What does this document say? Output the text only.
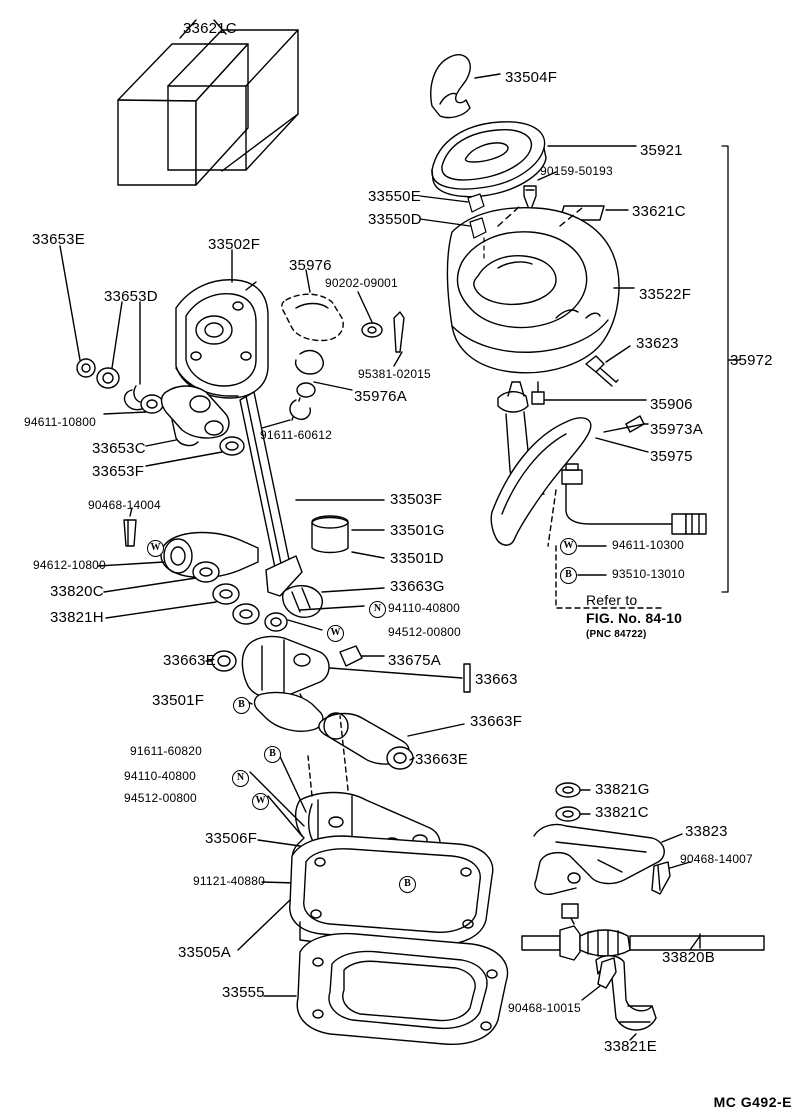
33621C
33504F
35921
90159-50193
33550E
33621C
33550D
33653E	33502F
35976
33522F
90202-09001
33653D
33623
35972
95381-02015
35976A
94611-10800
35906
35973A
91611-60612
33653C	35975
33653F
33503F
90468-14004
33501G
94611-10300
33501D
94612-10800
93510-13010
33663G
33820C
94110-40800	Refer to
33821H
94512-00800
FIG. No. 84-10
(PNC 84722)
33663E	33675A
33663
33501F
33663F
91611-60820	33663E
94110-40800
33821G
94512-00800
33821C
33823
33506F
90468-14007
91121-40880
33820B
33505A
33555
90468-10015
33821E
W
N
W
W
B
B
B
N
W
B
MC G492-E
